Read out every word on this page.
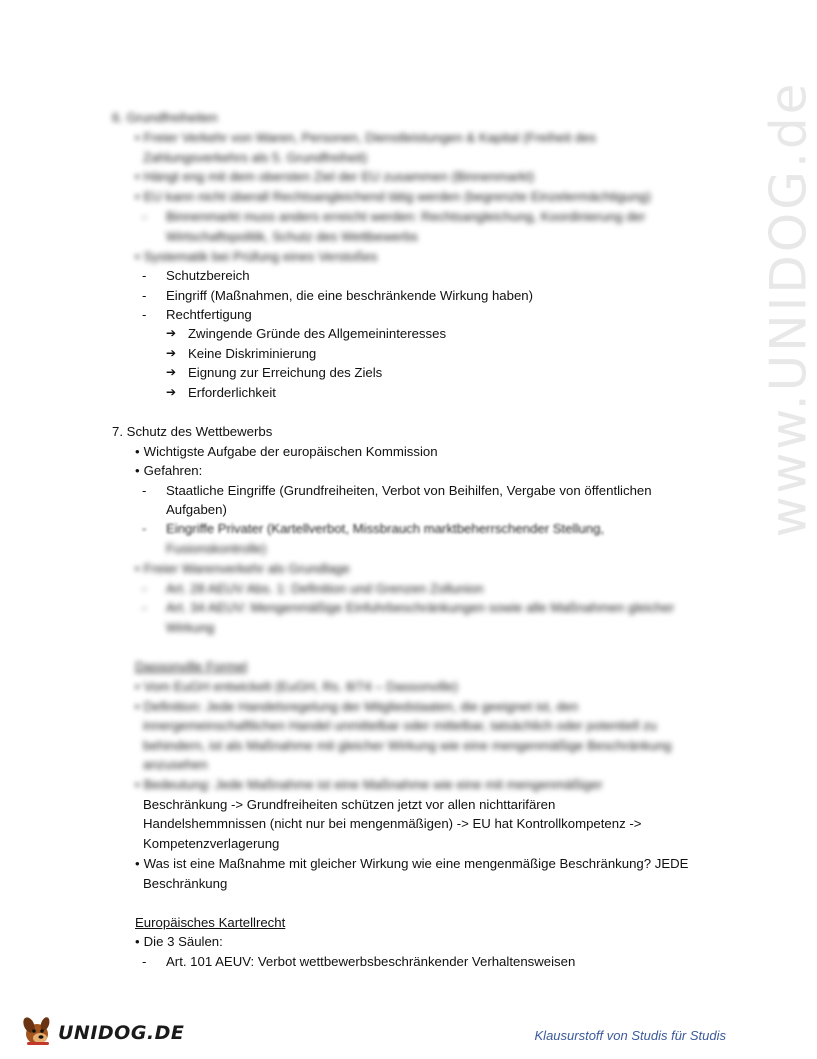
www.UNIDOG.de
6. Grundfreiheiten
• Freier Verkehr von Waren, Personen, Dienstleistungen & Kapital (Freiheit des
Zahlungsverkehrs als 5. Grundfreiheit)
• Hängt eng mit dem obersten Ziel der EU zusammen (Binnenmarkt)
• EU kann nicht überall Rechtsangleichend tätig werden (begrenzte Einzelermächtigung)
- Binnenmarkt muss anders erreicht werden: Rechtsangleichung, Koordinierung der
Wirtschaftspolitik, Schutz des Wettbewerbs
• Systematik bei Prüfung eines Verstoßes
- Schutzbereich
- Eingriff (Maßnahmen, die eine beschränkende Wirkung haben)
- Rechtfertigung
➔ Zwingende Gründe des Allgemeininteresses
➔ Keine Diskriminierung
➔ Eignung zur Erreichung des Ziels
➔ Erforderlichkeit
7. Schutz des Wettbewerbs
• Wichtigste Aufgabe der europäischen Kommission
• Gefahren:
- Staatliche Eingriffe (Grundfreiheiten, Verbot von Beihilfen, Vergabe von öffentlichen
Aufgaben)
- Eingriffe Privater (Kartellverbot, Missbrauch marktbeherrschender Stellung,
Fusionskontrolle)
• Freier Warenverkehr als Grundlage
- Art. 28 AEUV Abs. 1: Definition und Grenzen Zollunion
- Art. 34 AEUV: Mengenmäßige Einfuhrbeschränkungen sowie alle Maßnahmen gleicher
Wirkung
Dassonville Formel
• Vom EuGH entwickelt (EuGH, Rs. 8/74 – Dassonville)
• Definition: Jede Handelsregelung der Mitgliedstaaten, die geeignet ist, den
innergemeinschaftlichen Handel unmittelbar oder mittelbar, tatsächlich oder potentiell zu
behindern, ist als Maßnahme mit gleicher Wirkung wie eine mengenmäßige Beschränkung
anzusehen
• Bedeutung: Jede Maßnahme ist eine Maßnahme wie eine mit mengenmäßiger
Beschränkung -> Grundfreiheiten schützen jetzt vor allen nichttarifären
Handelshemmnissen (nicht nur bei mengenmäßigen) -> EU hat Kontrollkompetenz ->
Kompetenzverlagerung
• Was ist eine Maßnahme mit gleicher Wirkung wie eine mengenmäßige Beschränkung? JEDE
Beschränkung
Europäisches Kartellrecht
• Die 3 Säulen:
- Art. 101 AEUV: Verbot wettbewerbsbeschränkender Verhaltensweisen
UNIDOG.DE	Klausurstoff von Studis für Studis
